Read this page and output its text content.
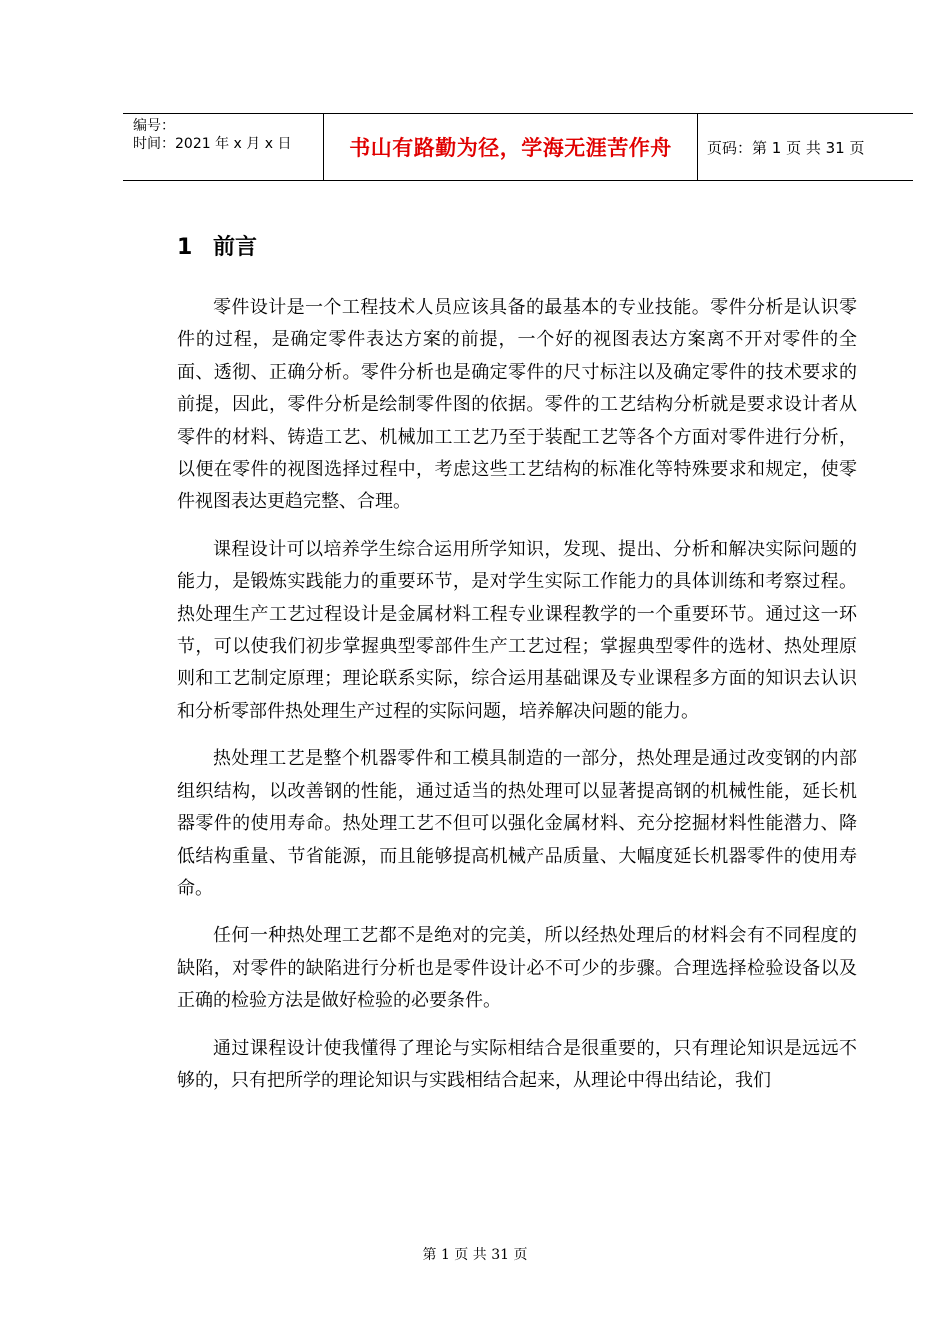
编号：
时间：2021 年 x 月 x 日	书山有路勤为径，学海无涯苦作舟 页码：第 1 页 共 31 页
1 前言

零件设计是一个工程技术人员应该具备的最基本的专业技能。零件分析是认识零件的过程，是确定零件表达方案的前提，一个好的视图表达方案离不开对零件的全面、透彻、正确分析。零件分析也是确定零件的尺寸标注以及确定零件的技术要求的前提，因此，零件分析是绘制零件图的依据。零件的工艺结构分析就是要求设计者从零件的材料、铸造工艺、机械加工工艺乃至于装配工艺等各个方面对零件进行分析，以便在零件的视图选择过程中，考虑这些工艺结构的标准化等特殊要求和规定，使零件视图表达更趋完整、合理。

课程设计可以培养学生综合运用所学知识，发现、提出、分析和解决实际问题的能力，是锻炼实践能力的重要环节，是对学生实际工作能力的具体训练和考察过程。热处理生产工艺过程设计是金属材料工程专业课程教学的一个重要环节。通过这一环节，可以使我们初步掌握典型零部件生产工艺过程；掌握典型零件的选材、热处理原则和工艺制定原理；理论联系实际，综合运用基础课及专业课程多方面的知识去认识和分析零部件热处理生产过程的实际问题，培养解决问题的能力。

热处理工艺是整个机器零件和工模具制造的一部分，热处理是通过改变钢的内部组织结构，以改善钢的性能，通过适当的热处理可以显著提高钢的机械性能，延长机器零件的使用寿命。热处理工艺不但可以强化金属材料、充分挖掘材料性能潜力、降低结构重量、节省能源，而且能够提高机械产品质量、大幅度延长机器零件的使用寿命。

任何一种热处理工艺都不是绝对的完美，所以经热处理后的材料会有不同程度的缺陷，对零件的缺陷进行分析也是零件设计必不可少的步骤。合理选择检验设备以及正确的检验方法是做好检验的必要条件。

通过课程设计使我懂得了理论与实际相结合是很重要的，只有理论知识是远远不够的，只有把所学的理论知识与实践相结合起来，从理论中得出结论，我们

第 1 页 共 31 页
